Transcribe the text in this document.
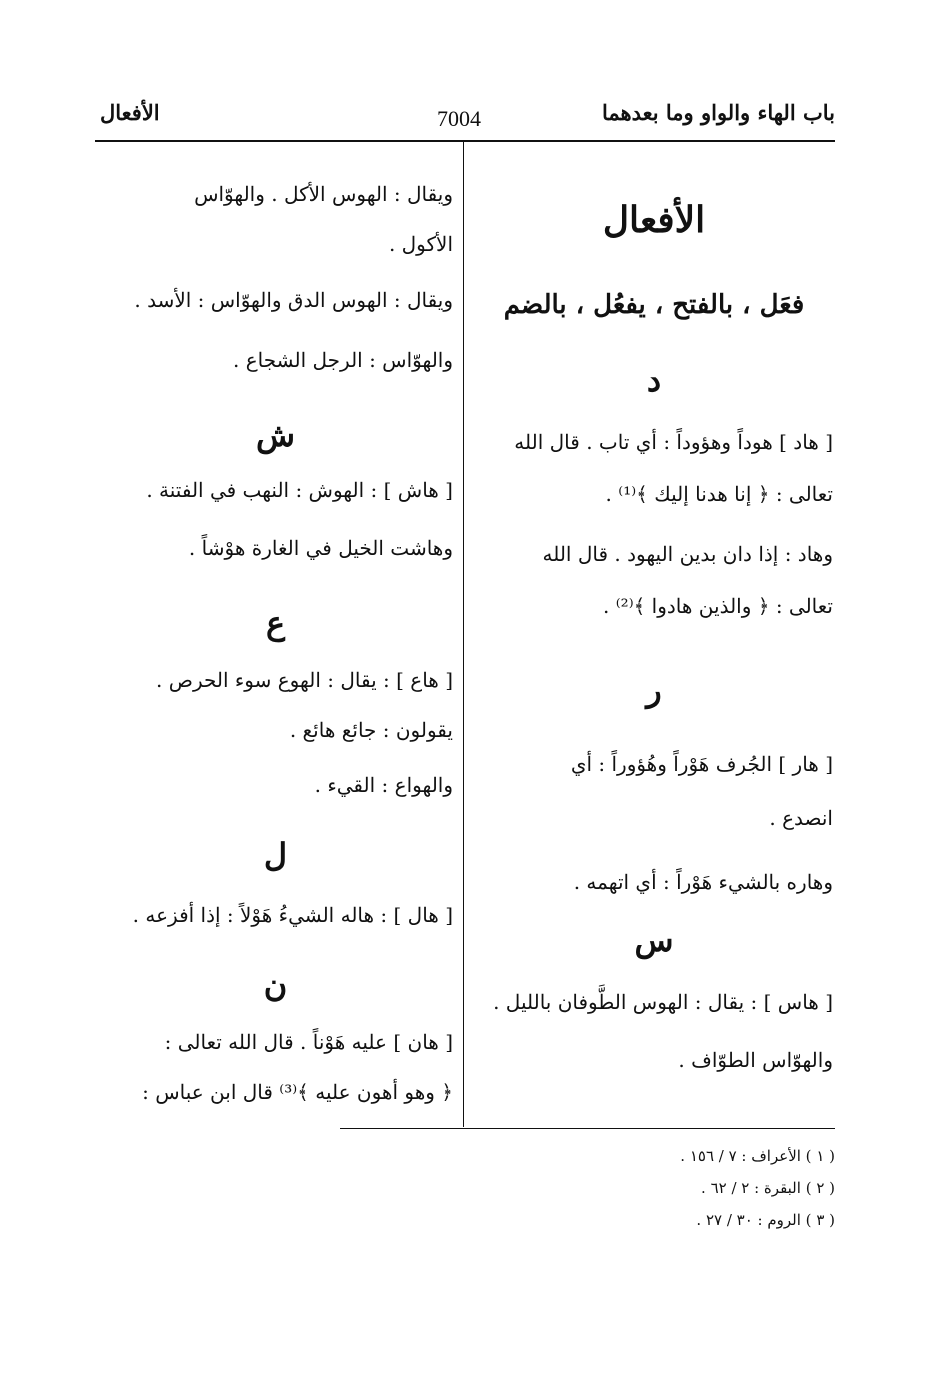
باب الهاء والواو وما بعدهما
7004
الأفعال
الأفعال
فعَل ، بالفتح ، يفعُل ، بالضم
د
[ هاد ] هوداً وهؤوداً : أي تاب . قال الله
تعالى : ﴿ إنا هدنا إليك ﴾⁽¹⁾ .
وهاد : إذا دان بدين اليهود . قال الله
تعالى : ﴿ والذين هادوا ﴾⁽²⁾ .
ر
[ هار ] الجُرف هَوْراً وهُؤوراً : أي
انصدع .
وهاره بالشيء هَوْراً : أي اتهمه .
س
[ هاس ] : يقال : الهوس الطَّوفان بالليل .
والهوّاس الطوّاف .
ويقال : الهوس الأكل . والهوّاس
الأكول .
ويقال : الهوس الدق والهوّاس : الأسد .
والهوّاس : الرجل الشجاع .
ش
[ هاش ] : الهوش : النهب في الفتنة .
وهاشت الخيل في الغارة هوْشاً .
ع
[ هاع ] : يقال : الهوع سوء الحرص .
يقولون : جائع هائع .
والهواع : القيء .
ل
[ هال ] : هاله الشيءُ هَوْلاً : إذا أفزعه .
ن
[ هان ] عليه هَوْناً . قال الله تعالى :
﴿ وهو أهون عليه ﴾⁽³⁾ قال ابن عباس :
( ١ ) الأعراف : ٧ / ١٥٦ .
( ٢ ) البقرة : ٢ / ٦٢ .
( ٣ ) الروم : ٣٠ / ٢٧ .
